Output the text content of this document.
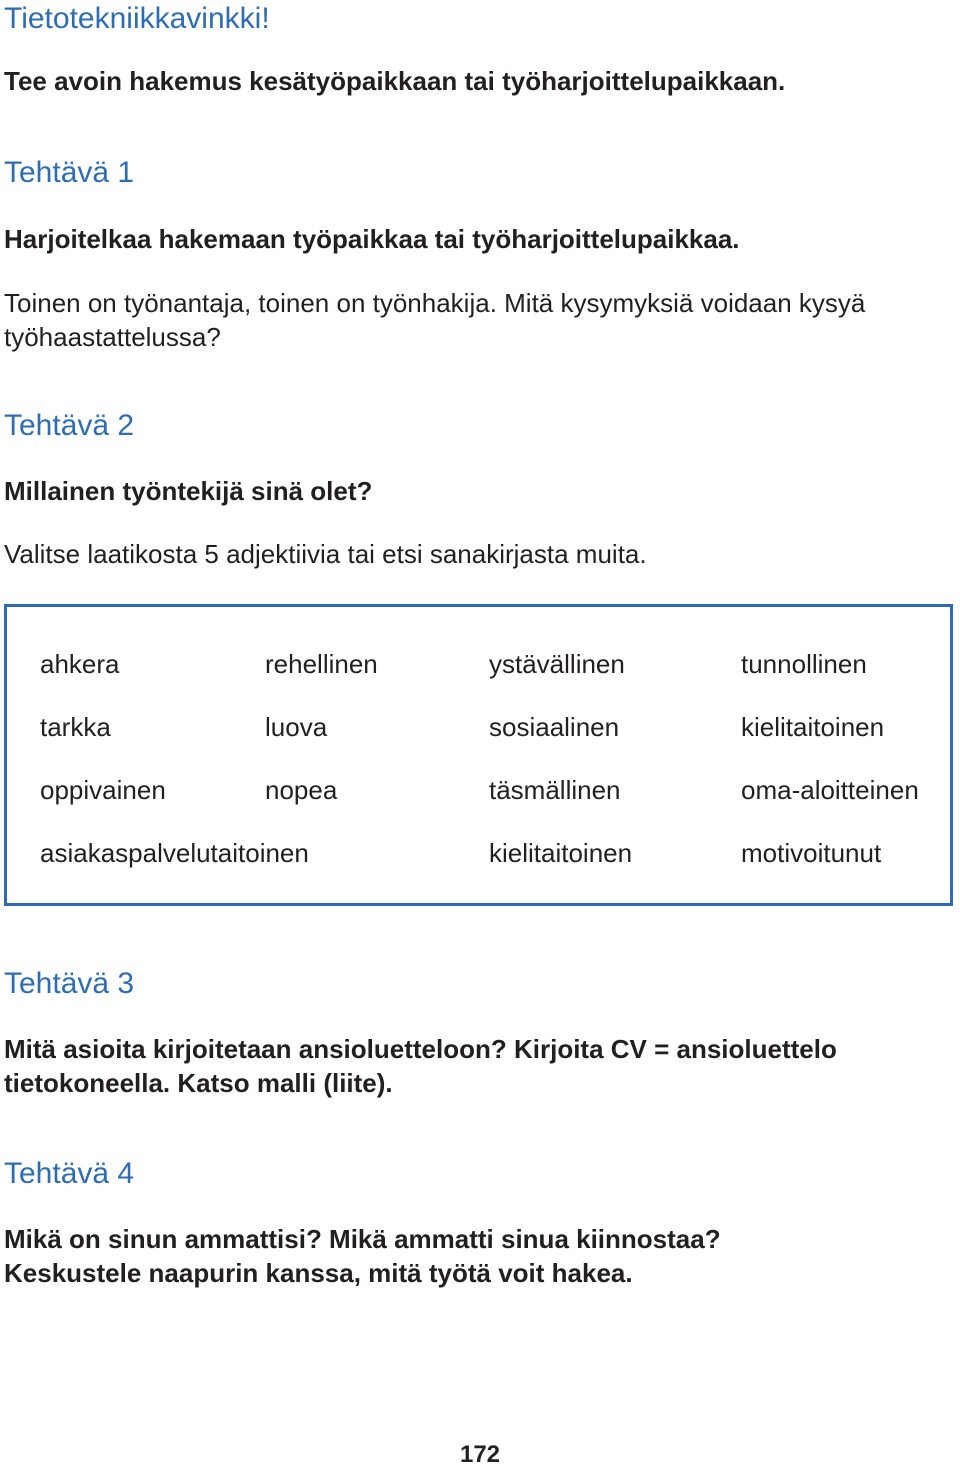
Tietotekniikkavinkki!

Tee avoin hakemus kesätyöpaikkaan tai työharjoittelupaikkaan.

Tehtävä 1

Harjoitelkaa hakemaan työpaikkaa tai työharjoittelupaikkaa.

Toinen on työnantaja, toinen on työnhakija. Mitä kysymyksiä voidaan kysyä työhaastattelussa?

Tehtävä 2

Millainen työntekijä sinä olet?

Valitse laatikosta 5 adjektiivia tai etsi sanakirjasta muita.

ahkera	rehellinen	ystävällinen	tunnollinen
tarkka	luova	sosiaalinen	kielitaitoinen
oppivainen	nopea	täsmällinen	oma-aloitteinen
asiakaspalvelutaitoinen	kielitaitoinen	motivoitunut
Tehtävä 3

Mitä asioita kirjoitetaan ansioluetteloon? Kirjoita CV = ansioluettelo tietokoneella. Katso malli (liite).

Tehtävä 4

Mikä on sinun ammattisi? Mikä ammatti sinua kiinnostaa? Keskustele naapurin kanssa, mitä työtä voit hakea.

172
